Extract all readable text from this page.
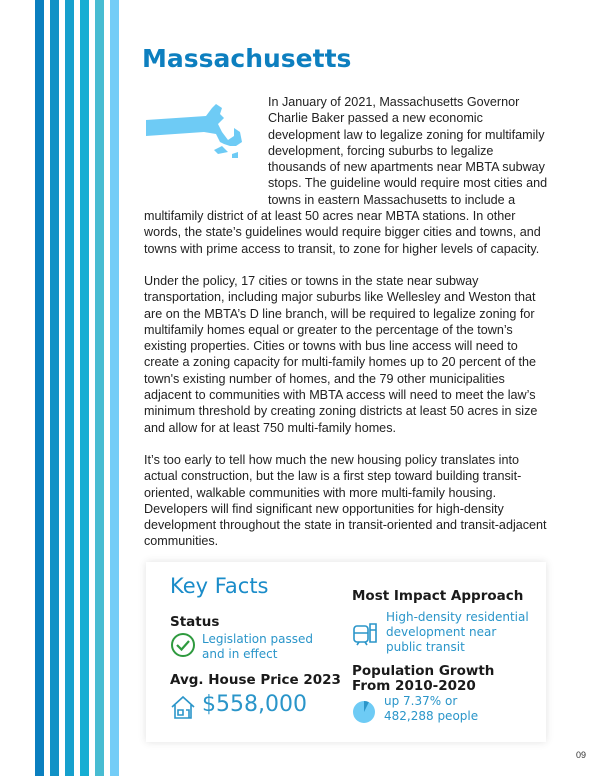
Massachusetts

In January of 2021, Massachusetts Governor Charlie Baker passed a new economic development law to legalize zoning for multifamily development, forcing suburbs to legalize thousands of new apartments near MBTA subway stops. The guideline would require most cities and towns in eastern Massachusetts to include a multifamily district of at least 50 acres near MBTA stations. In other words, the state’s guidelines would require bigger cities and towns, and towns with prime access to transit, to zone for higher levels of capacity.

Under the policy, 17 cities or towns in the state near subway transportation, including major suburbs like Wellesley and Weston that are on the MBTA’s D line branch, will be required to legalize zoning for multifamily homes equal or greater to the percentage of the town’s existing properties. Cities or towns with bus line access will need to create a zoning capacity for multi-family homes up to 20 percent of the town's existing number of homes, and the 79 other municipalities adjacent to communities with MBTA access will need to meet the law’s minimum threshold by creating zoning districts at least 50 acres in size and allow for at least 750 multi-family homes.

It’s too early to tell how much the new housing policy translates into actual construction, but the law is a first step toward building transit-oriented, walkable communities with more multi-family housing. Developers will find significant new opportunities for high-density development throughout the state in transit-oriented and transit-adjacent communities.

Key Facts
Status
Legislation passed and in effect
Avg. House Price 2023
$558,000
Most Impact Approach
High-density residential development near public transit
Population Growth From 2010-2020
up 7.37% or
482,288 people
09
